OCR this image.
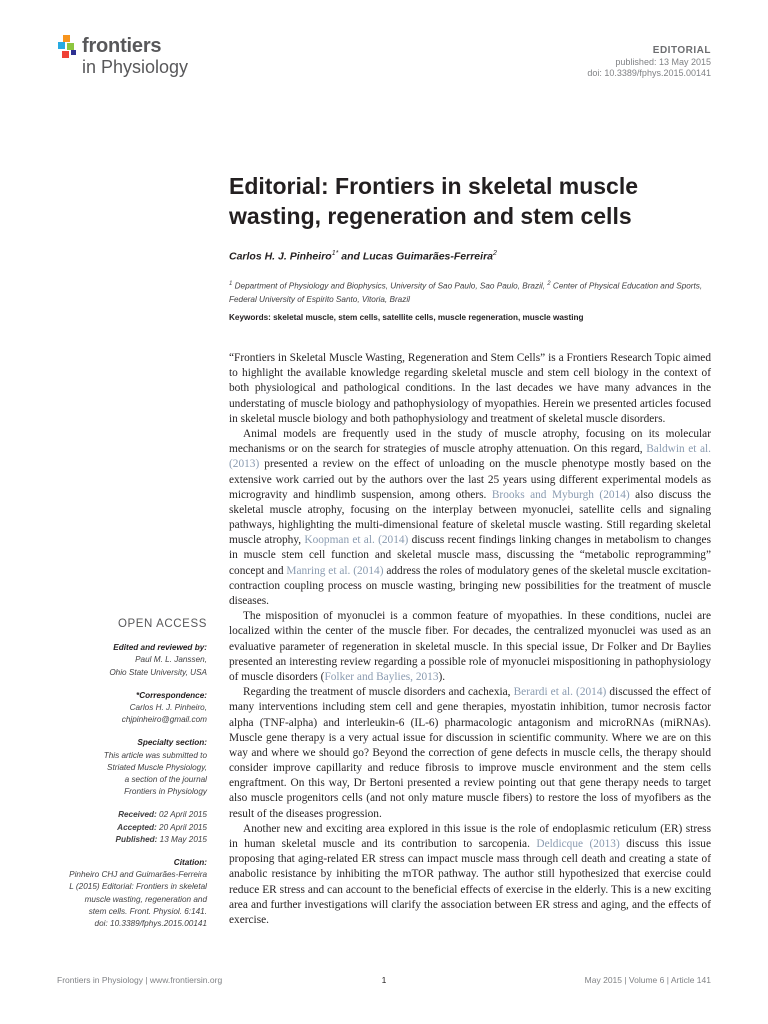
frontiers
in Physiology
EDITORIAL
published: 13 May 2015
doi: 10.3389/fphys.2015.00141
Editorial: Frontiers in skeletal muscle wasting, regeneration and stem cells
Carlos H. J. Pinheiro$^{1*}$ and Lucas Guimarães-Ferreira$^2$
$^1$ Department of Physiology and Biophysics, University of Sao Paulo, Sao Paulo, Brazil, $^2$ Center of Physical Education and Sports, Federal University of Espirito Santo, Vitoria, Brazil
Keywords: skeletal muscle, stem cells, satellite cells, muscle regeneration, muscle wasting
OPEN ACCESS
Edited and reviewed by:
Paul M. L. Janssen,
Ohio State University, USA
*Correspondence:
Carlos H. J. Pinheiro,
chjpinheiro@gmail.com
Specialty section:
This article was submitted to
Striated Muscle Physiology,
a section of the journal
Frontiers in Physiology
Received: 02 April 2015
Accepted: 20 April 2015
Published: 13 May 2015
Citation:
Pinheiro CHJ and Guimarães-Ferreira
L (2015) Editorial: Frontiers in skeletal
muscle wasting, regeneration and
stem cells. Front. Physiol. 6:141.
doi: 10.3389/fphys.2015.00141

“Frontiers in Skeletal Muscle Wasting, Regeneration and Stem Cells” is a Frontiers Research Topic aimed to highlight the available knowledge regarding skeletal muscle and stem cell biology in the context of both physiological and pathological conditions. In the last decades we have many advances in the understating of muscle biology and pathophysiology of myopathies. Herein we presented articles focused in skeletal muscle biology and both pathophysiology and treatment of skeletal muscle disorders.

Animal models are frequently used in the study of muscle atrophy, focusing on its molecular mechanisms or on the search for strategies of muscle atrophy attenuation. On this regard, Baldwin et al. (2013) presented a review on the effect of unloading on the muscle phenotype mostly based on the extensive work carried out by the authors over the last 25 years using different experimental models as microgravity and hindlimb suspension, among others. Brooks and Myburgh (2014) also discuss the skeletal muscle atrophy, focusing on the interplay between myonuclei, satellite cells and signaling pathways, highlighting the multi-dimensional feature of skeletal muscle wasting. Still regarding skeletal muscle atrophy, Koopman et al. (2014) discuss recent findings linking changes in metabolism to changes in muscle stem cell function and skeletal muscle mass, discussing the “metabolic reprogramming” concept and Manring et al. (2014) address the roles of modulatory genes of the skeletal muscle excitation-contraction coupling process on muscle wasting, bringing new possibilities for the treatment of muscle diseases.

The misposition of myonuclei is a common feature of myopathies. In these conditions, nuclei are localized within the center of the muscle fiber. For decades, the centralized myonuclei was used as an evaluative parameter of regeneration in skeletal muscle. In this special issue, Dr Folker and Dr Baylies presented an interesting review regarding a possible role of myonuclei mispositioning in pathophysiology of muscle disorders (Folker and Baylies, 2013).

Regarding the treatment of muscle disorders and cachexia, Berardi et al. (2014) discussed the effect of many interventions including stem cell and gene therapies, myostatin inhibition, tumor necrosis factor alpha (TNF-alpha) and interleukin-6 (IL-6) pharmacologic antagonism and microRNAs (miRNAs). Muscle gene therapy is a very actual issue for discussion in scientific community. Where we are on this way and where we should go? Beyond the correction of gene defects in muscle cells, the therapy should consider improve capillarity and reduce fibrosis to improve muscle environment and the stem cells engraftment. On this way, Dr Bertoni presented a review pointing out that gene therapy needs to target also muscle progenitors cells (and not only mature muscle fibers) to restore the loss of myofibers as the result of the diseases progression.

Another new and exciting area explored in this issue is the role of endoplasmic reticulum (ER) stress in human skeletal muscle and its contribution to sarcopenia. Deldicque (2013) discuss this issue proposing that aging-related ER stress can impact muscle mass through cell death and creating a state of anabolic resistance by inhibiting the mTOR pathway. The author still hypothesized that exercise could reduce ER stress and can account to the beneficial effects of exercise in the elderly. This is a new exciting area and further investigations will clarify the association between ER stress and aging, and the effects of exercise.

Frontiers in Physiology | www.frontiersin.org	1	May 2015 | Volume 6 | Article 141
